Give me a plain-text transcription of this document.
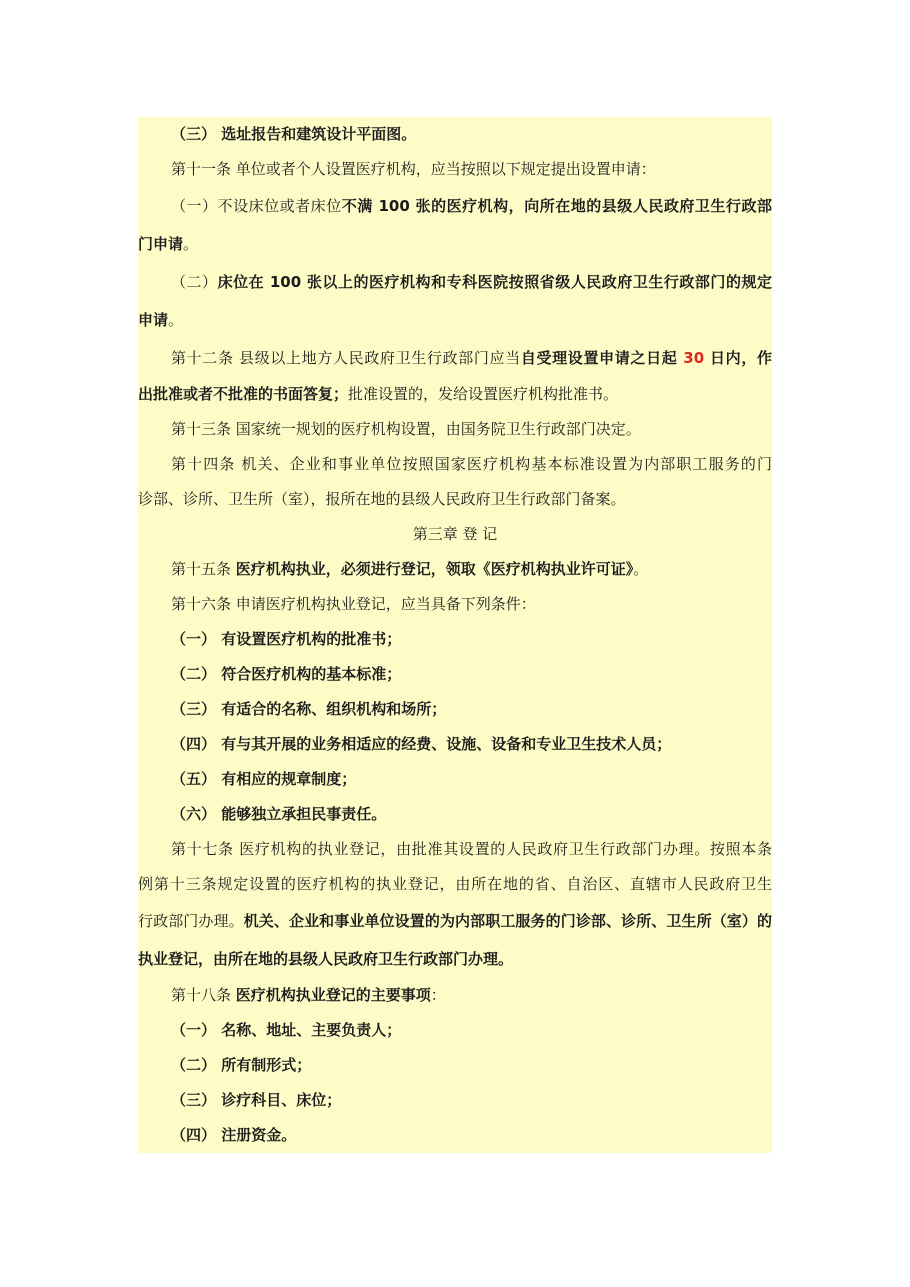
（三） 选址报告和建筑设计平面图。
第十一条 单位或者个人设置医疗机构，应当按照以下规定提出设置申请：
（一）不设床位或者床位不满 100 张的医疗机构，向所在地的县级人民政府卫生行政部
门申请。
（二）床位在 100 张以上的医疗机构和专科医院按照省级人民政府卫生行政部门的规定
申请。
第十二条 县级以上地方人民政府卫生行政部门应当自受理设置申请之日起 30 日内，作
出批准或者不批准的书面答复；批准设置的，发给设置医疗机构批准书。
第十三条 国家统一规划的医疗机构设置，由国务院卫生行政部门决定。
第十四条 机关、企业和事业单位按照国家医疗机构基本标准设置为内部职工服务的门
诊部、诊所、卫生所（室），报所在地的县级人民政府卫生行政部门备案。
第三章 登 记
第十五条 医疗机构执业，必须进行登记，领取《医疗机构执业许可证》。
第十六条 申请医疗机构执业登记，应当具备下列条件：
（一） 有设置医疗机构的批准书；
（二） 符合医疗机构的基本标准；
（三） 有适合的名称、组织机构和场所；
（四） 有与其开展的业务相适应的经费、设施、设备和专业卫生技术人员；
（五） 有相应的规章制度；
（六） 能够独立承担民事责任。
第十七条 医疗机构的执业登记，由批准其设置的人民政府卫生行政部门办理。按照本条
例第十三条规定设置的医疗机构的执业登记，由所在地的省、自治区、直辖市人民政府卫生
行政部门办理。机关、企业和事业单位设置的为内部职工服务的门诊部、诊所、卫生所（室）的
执业登记，由所在地的县级人民政府卫生行政部门办理。
第十八条 医疗机构执业登记的主要事项：
（一） 名称、地址、主要负责人；
（二） 所有制形式；
（三） 诊疗科目、床位；
（四） 注册资金。
